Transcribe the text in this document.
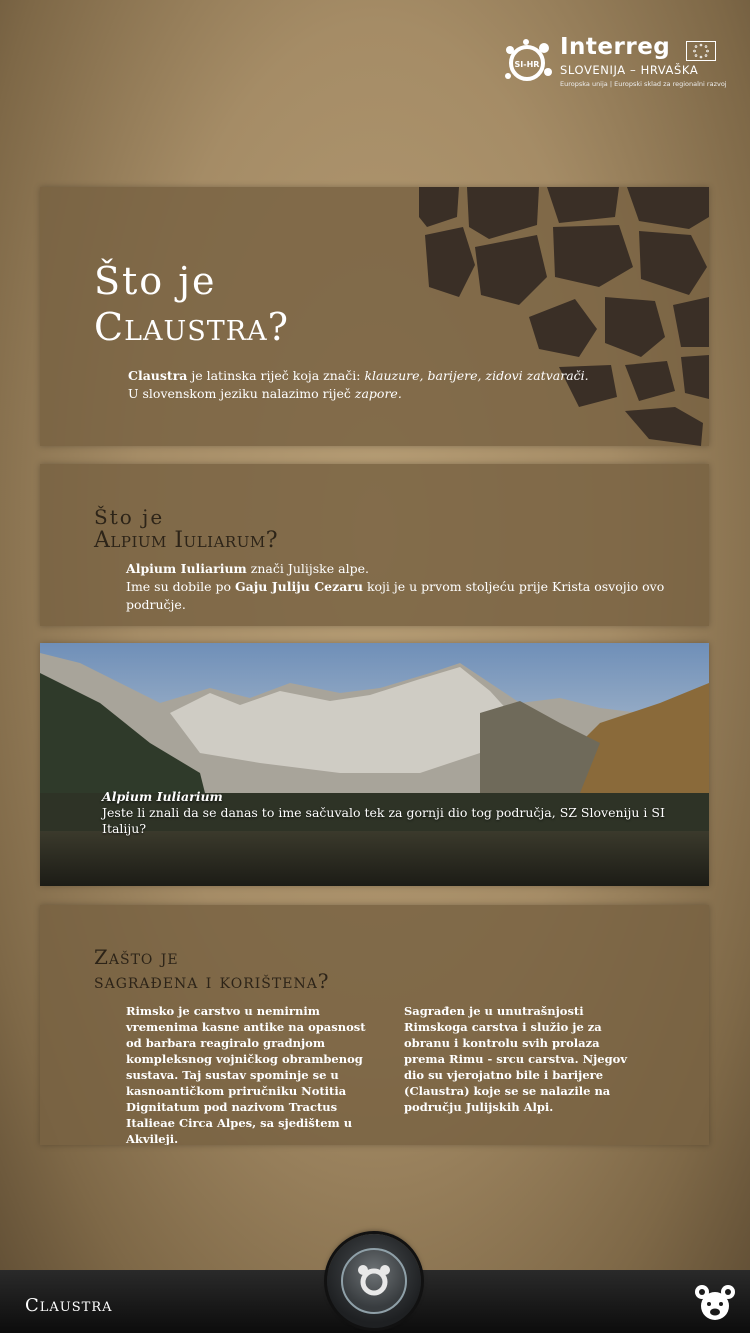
SI-HR
Interreg
SLOVENIJA – HRVAŠKA
Europska unija | Europski sklad za regionalni razvoj
Što je
Claustra?
Claustra je latinska riječ koja znači: klauzure, barijere, zidovi zatvarači.
U slovenskom jeziku nalazimo riječ zapore.
Što je
Alpium Iuliarum?
Alpium Iuliarium znači Julijske alpe.
Ime su dobile po Gaju Juliju Cezaru koji je u prvom stoljeću prije Krista osvojio ovo područje.
Alpium Iuliarium
Jeste li znali da se danas to ime sačuvalo tek za gornji dio tog područja, SZ Sloveniju i SI Italiju?
Zašto je
sagrađena i korištena?
Rimsko je carstvo u nemirnim vremenima kasne antike na opasnost od barbara reagiralo gradnjom kompleksnog vojničkog obrambenog sustava. Taj sustav spominje se u kasnoantičkom priručniku Notitia Dignitatum pod nazivom Tractus Italieae Circa Alpes, sa sjedištem u Akvileji.
Sagrađen je u unutrašnjosti Rimskoga carstva i služio je za obranu i kontrolu svih prolaza prema Rimu - srcu carstva. Njegov dio su vjerojatno bile i barijere (Claustra) koje se se nalazile na području Julijskih Alpi.
Claustra
